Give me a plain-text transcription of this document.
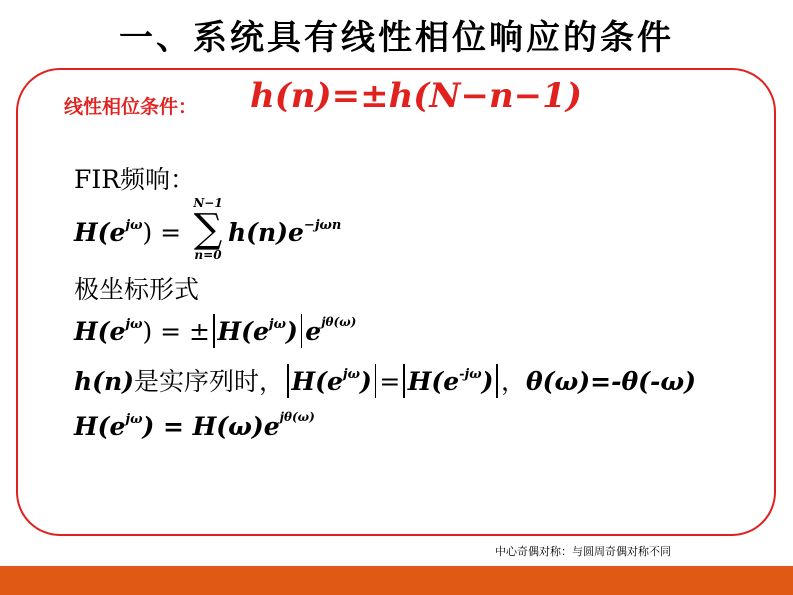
一、系统具有线性相位响应的条件
线性相位条件： h(n)=±h(N−n−1)
FIR频响：
$H(e^{j\omega})$ =
N−1
∑
n=0
$h(n)e^{-j\omega n}$
极坐标形式
$H(e^{j\omega})$ = ± $H(e^{j\omega})$ $e^{j\theta(\omega)}$
h(n)是实序列时， $H(e^{j\omega}) = H(e^{-j\omega})$ ，θ(ω)=-θ(-ω)
$H(e^{j\omega}) = H(\omega)e^{j\theta(\omega)}$
中心奇偶对称：与圆周奇偶对称不同
